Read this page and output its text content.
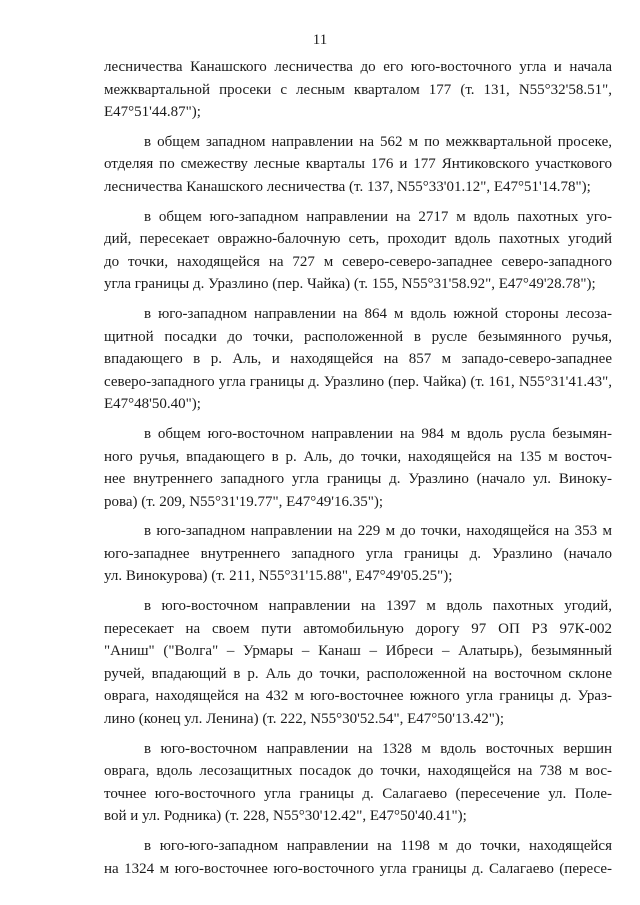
11

лесничества Канашского лесничества до его юго-восточного угла и начала
межквартальной просеки с лесным кварталом 177 (т. 131, N55°32'58.51",
E47°51'44.87");

в общем западном направлении на 562 м по межквартальной просеке,
отделяя по смежеству лесные кварталы 176 и 177 Янтиковского участкового
лесничества Канашского лесничества (т. 137, N55°33'01.12", E47°51'14.78");

в общем юго-западном направлении на 2717 м вдоль пахотных уго-
дий, пересекает овражно-балочную сеть, проходит вдоль пахотных угодий
до точки, находящейся на 727 м северо-северо-западнее северо-западного
угла границы д. Уразлино (пер. Чайка) (т. 155, N55°31'58.92", E47°49'28.78");

в юго-западном направлении на 864 м вдоль южной стороны лесоза-
щитной посадки до точки, расположенной в русле безымянного ручья,
впадающего в р. Аль, и находящейся на 857 м западо-северо-западнее
северо-западного угла границы д. Уразлино (пер. Чайка) (т. 161, N55°31'41.43",
E47°48'50.40");

в общем юго-восточном направлении на 984 м вдоль русла безымян-
ного ручья, впадающего в р. Аль, до точки, находящейся на 135 м восточ-
нее внутреннего западного угла границы д. Уразлино (начало ул. Винoку-
рова) (т. 209, N55°31'19.77", E47°49'16.35");

в юго-западном направлении на 229 м до точки, находящейся на 353 м
юго-западнее внутреннего западного угла границы д. Уразлино (начало
ул. Винокурова) (т. 211, N55°31'15.88", E47°49'05.25");

в юго-восточном направлении на 1397 м вдоль пахотных угодий,
пересекает на своем пути автомобильную дорогу 97 ОП РЗ 97К-002
"Аниш" ("Волга" – Урмары – Канаш – Ибреси – Алатырь), безымянный
ручей, впадающий в р. Аль до точки, расположенной на восточном склоне
оврага, находящейся на 432 м юго-восточнее южного угла границы д. Ураз-
лино (конец ул. Ленина) (т. 222, N55°30'52.54", E47°50'13.42");

в юго-восточном направлении на 1328 м вдоль восточных вершин
оврага, вдоль лесозащитных посадок до точки, находящейся на 738 м вос-
точнее юго-восточного угла границы д. Салагаево (пересечение ул. Поле-
вой и ул. Родника) (т. 228, N55°30'12.42", E47°50'40.41");

в юго-юго-западном направлении на 1198 м до точки, находящейся
на 1324 м юго-восточнее юго-восточного угла границы д. Салагаево (пересе-
